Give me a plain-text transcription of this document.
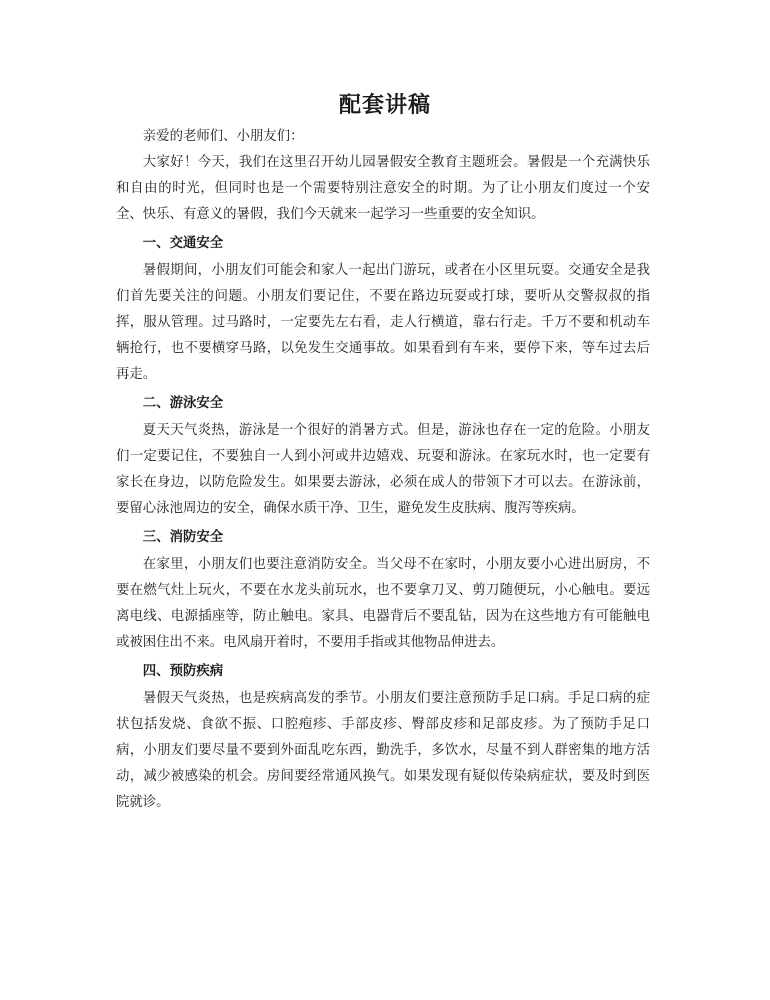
配套讲稿

亲爱的老师们、小朋友们：

大家好！今天，我们在这里召开幼儿园暑假安全教育主题班会。暑假是一个充满快乐和自由的时光，但同时也是一个需要特别注意安全的时期。为了让小朋友们度过一个安全、快乐、有意义的暑假，我们今天就来一起学习一些重要的安全知识。

一、交通安全

暑假期间，小朋友们可能会和家人一起出门游玩，或者在小区里玩耍。交通安全是我们首先要关注的问题。小朋友们要记住，不要在路边玩耍或打球，要听从交警叔叔的指挥，服从管理。过马路时，一定要先左右看，走人行横道，靠右行走。千万不要和机动车辆抢行，也不要横穿马路，以免发生交通事故。如果看到有车来，要停下来，等车过去后再走。

二、游泳安全

夏天天气炎热，游泳是一个很好的消暑方式。但是，游泳也存在一定的危险。小朋友们一定要记住，不要独自一人到小河或井边嬉戏、玩耍和游泳。在家玩水时，也一定要有家长在身边，以防危险发生。如果要去游泳，必须在成人的带领下才可以去。在游泳前，要留心泳池周边的安全，确保水质干净、卫生，避免发生皮肤病、腹泻等疾病。

三、消防安全

在家里，小朋友们也要注意消防安全。当父母不在家时，小朋友要小心进出厨房，不要在燃气灶上玩火，不要在水龙头前玩水，也不要拿刀叉、剪刀随便玩，小心触电。要远离电线、电源插座等，防止触电。家具、电器背后不要乱钻，因为在这些地方有可能触电或被困住出不来。电风扇开着时，不要用手指或其他物品伸进去。

四、预防疾病

暑假天气炎热，也是疾病高发的季节。小朋友们要注意预防手足口病。手足口病的症状包括发烧、食欲不振、口腔疱疹、手部皮疹、臀部皮疹和足部皮疹。为了预防手足口病，小朋友们要尽量不要到外面乱吃东西，勤洗手，多饮水，尽量不到人群密集的地方活动，减少被感染的机会。房间要经常通风换气。如果发现有疑似传染病症状，要及时到医院就诊。
